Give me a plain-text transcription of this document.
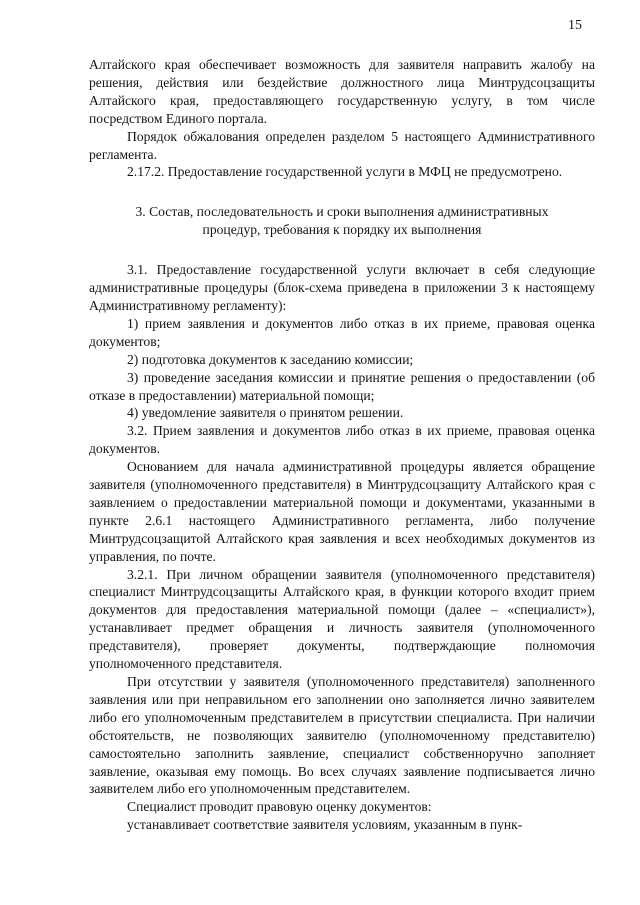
15

Алтайского края обеспечивает возможность для заявителя направить жалобу на решения, действия или бездействие должностного лица Минтрудсоцзащиты Алтайского края, предоставляющего государственную услугу, в том числе посредством Единого портала.

Порядок обжалования определен разделом 5 настоящего Административного регламента.

2.17.2. Предоставление государственной услуги в МФЦ не предусмотрено.

3. Состав, последовательность и сроки выполнения административных процедур, требования к порядку их выполнения

3.1. Предоставление государственной услуги включает в себя следующие административные процедуры (блок-схема приведена в приложении 3 к настоящему Административному регламенту):

1) прием заявления и документов либо отказ в их приеме, правовая оценка документов;

2) подготовка документов к заседанию комиссии;

3) проведение заседания комиссии и принятие решения о предоставлении (об отказе в предоставлении) материальной помощи;

4) уведомление заявителя о принятом решении.

3.2. Прием заявления и документов либо отказ в их приеме, правовая оценка документов.

Основанием для начала административной процедуры является обращение заявителя (уполномоченного представителя) в Минтрудсоцзащиту Алтайского края с заявлением о предоставлении материальной помощи и документами, указанными в пункте 2.6.1 настоящего Административного регламента, либо получение Минтрудсоцзащитой Алтайского края заявления и всех необходимых документов из управления, по почте.

3.2.1. При личном обращении заявителя (уполномоченного представителя) специалист Минтрудсоцзащиты Алтайского края, в функции которого входит прием документов для предоставления материальной помощи (далее – «специалист»), устанавливает предмет обращения и личность заявителя (уполномоченного представителя), проверяет документы, подтверждающие полномочия уполномоченного представителя.

При отсутствии у заявителя (уполномоченного представителя) заполненного заявления или при неправильном его заполнении оно заполняется лично заявителем либо его уполномоченным представителем в присутствии специалиста. При наличии обстоятельств, не позволяющих заявителю (уполномоченному представителю) самостоятельно заполнить заявление, специалист собственноручно заполняет заявление, оказывая ему помощь. Во всех случаях заявление подписывается лично заявителем либо его уполномоченным представителем.

Специалист проводит правовую оценку документов:

устанавливает соответствие заявителя условиям, указанным в пунк-
